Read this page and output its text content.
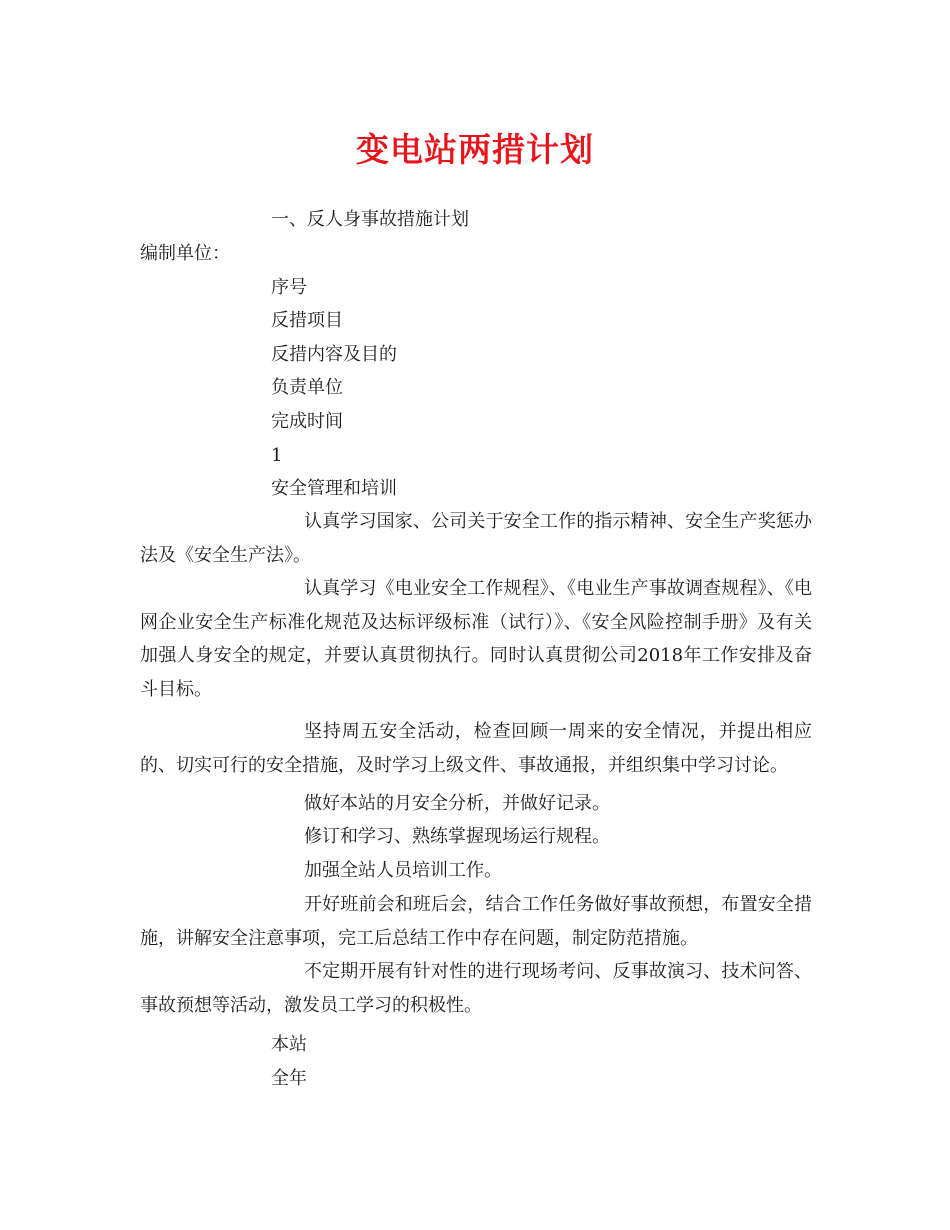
变电站两措计划
一、反人身事故措施计划
编制单位：
序号
反措项目
反措内容及目的
负责单位
完成时间
1
安全管理和培训
认真学习国家、公司关于安全工作的指示精神、安全生产奖惩办法及《安全生产法》。
认真学习《电业安全工作规程》、《电业生产事故调查规程》、《电网企业安全生产标准化规范及达标评级标准（试行）》、《安全风险控制手册》及有关加强人身安全的规定，并要认真贯彻执行。同时认真贯彻公司2018年工作安排及奋斗目标。
坚持周五安全活动，检查回顾一周来的安全情况，并提出相应的、切实可行的安全措施，及时学习上级文件、事故通报，并组织集中学习讨论。
做好本站的月安全分析，并做好记录。
修订和学习、熟练掌握现场运行规程。
加强全站人员培训工作。
开好班前会和班后会，结合工作任务做好事故预想，布置安全措施，讲解安全注意事项，完工后总结工作中存在问题，制定防范措施。
不定期开展有针对性的进行现场考问、反事故演习、技术问答、事故预想等活动，激发员工学习的积极性。
本站
全年
